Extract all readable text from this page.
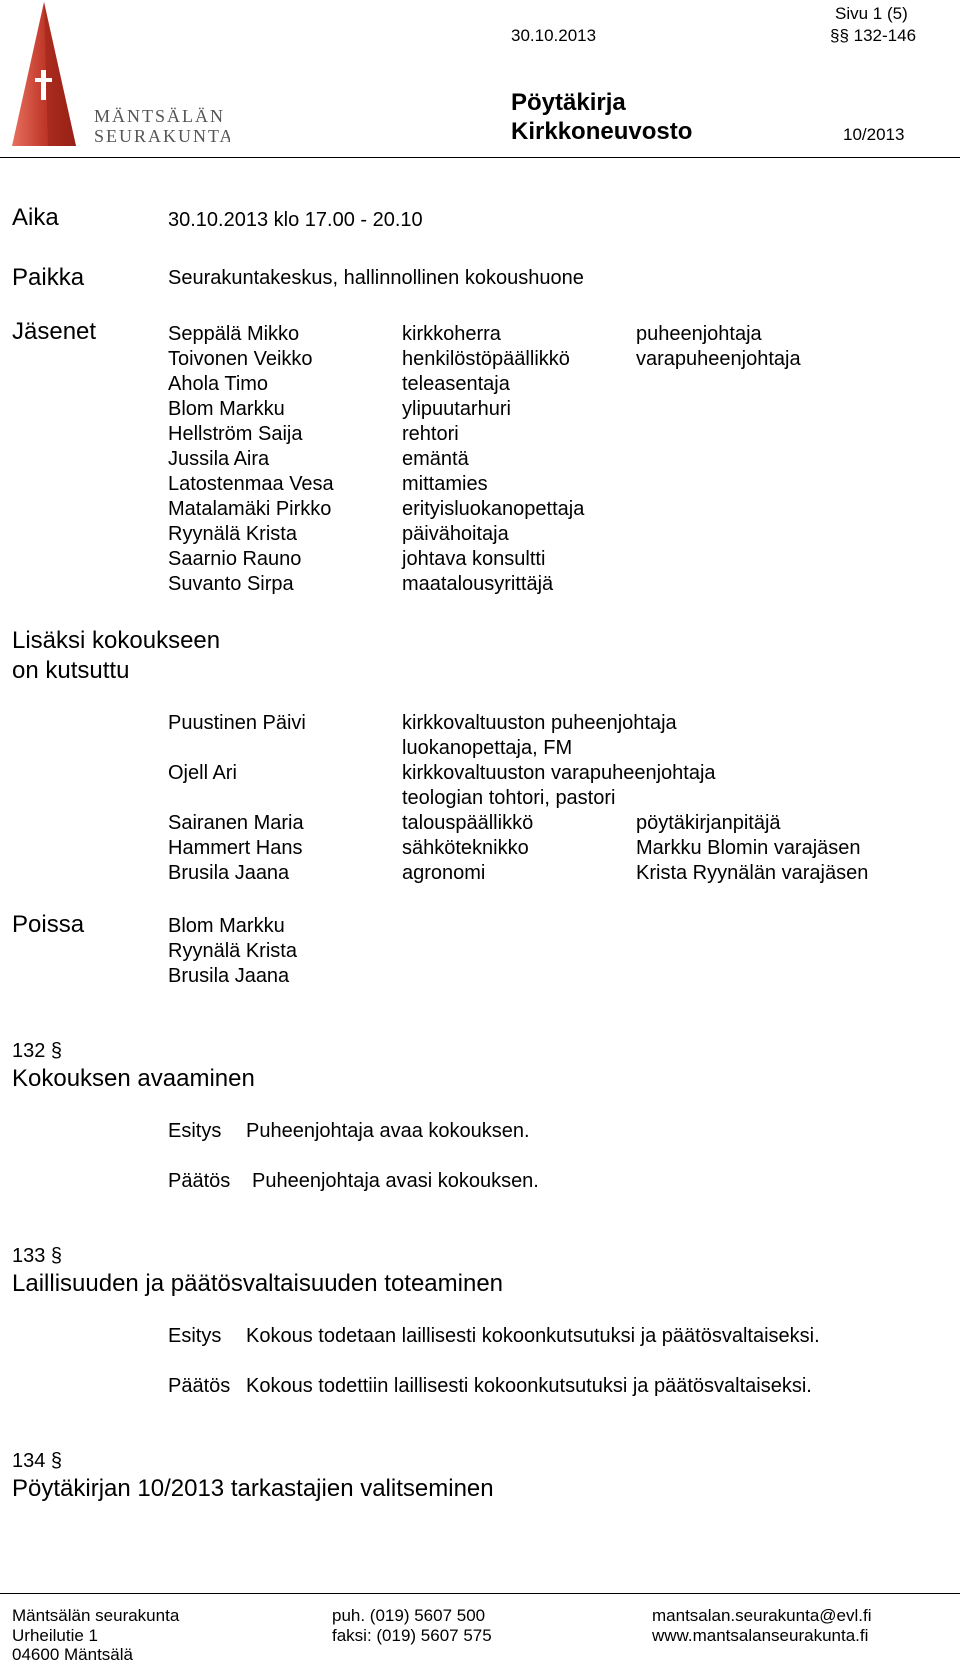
MÄNTSÄLÄN
SEURAKUNTA
30.10.2013
Sivu 1 (5)
§§ 132-146
Pöytäkirja
Kirkkoneuvosto	10/2013
Aika	30.10.2013 klo 17.00 - 20.10
Paikka	Seurakuntakeskus, hallinnollinen kokoushuone
Jäsenet	Seppälä Mikko	kirkkoherra	puheenjohtaja
Toivonen Veikko	henkilöstöpäällikkö	varapuheenjohtaja
Ahola Timo	teleasentaja
Blom Markku	ylipuutarhuri
Hellström Saija	rehtori
Jussila Aira	emäntä
Latostenmaa Vesa	mittamies
Matalamäki Pirkko	erityisluokanopettaja
Ryynälä Krista	päivähoitaja
Saarnio Rauno	johtava konsultti
Suvanto Sirpa	maatalousyrittäjä
Lisäksi kokoukseen
on kutsuttu
Puustinen Päivi	kirkkovaltuuston puheenjohtaja
luokanopettaja, FM
Ojell Ari	kirkkovaltuuston varapuheenjohtaja
teologian tohtori, pastori
Sairanen Maria	talouspäällikkö	pöytäkirjanpitäjä
Hammert Hans	sähköteknikko	Markku Blomin varajäsen
Brusila Jaana	agronomi	Krista Ryynälän varajäsen
Poissa	Blom Markku
Ryynälä Krista
Brusila Jaana
132 §
Kokouksen avaaminen
Esitys Puheenjohtaja avaa kokouksen.
Päätös Puheenjohtaja avasi kokouksen.
133 §
Laillisuuden ja päätösvaltaisuuden toteaminen
Esitys Kokous todetaan laillisesti kokoonkutsutuksi ja päätösvaltaiseksi.
Päätös Kokous todettiin laillisesti kokoonkutsutuksi ja päätösvaltaiseksi.
134 §
Pöytäkirjan 10/2013 tarkastajien valitseminen
Mäntsälän seurakunta
Urheilutie 1
04600 Mäntsälä
puh. (019) 5607 500
faksi: (019) 5607 575
mantsalan.seurakunta@evl.fi
www.mantsalanseurakunta.fi
